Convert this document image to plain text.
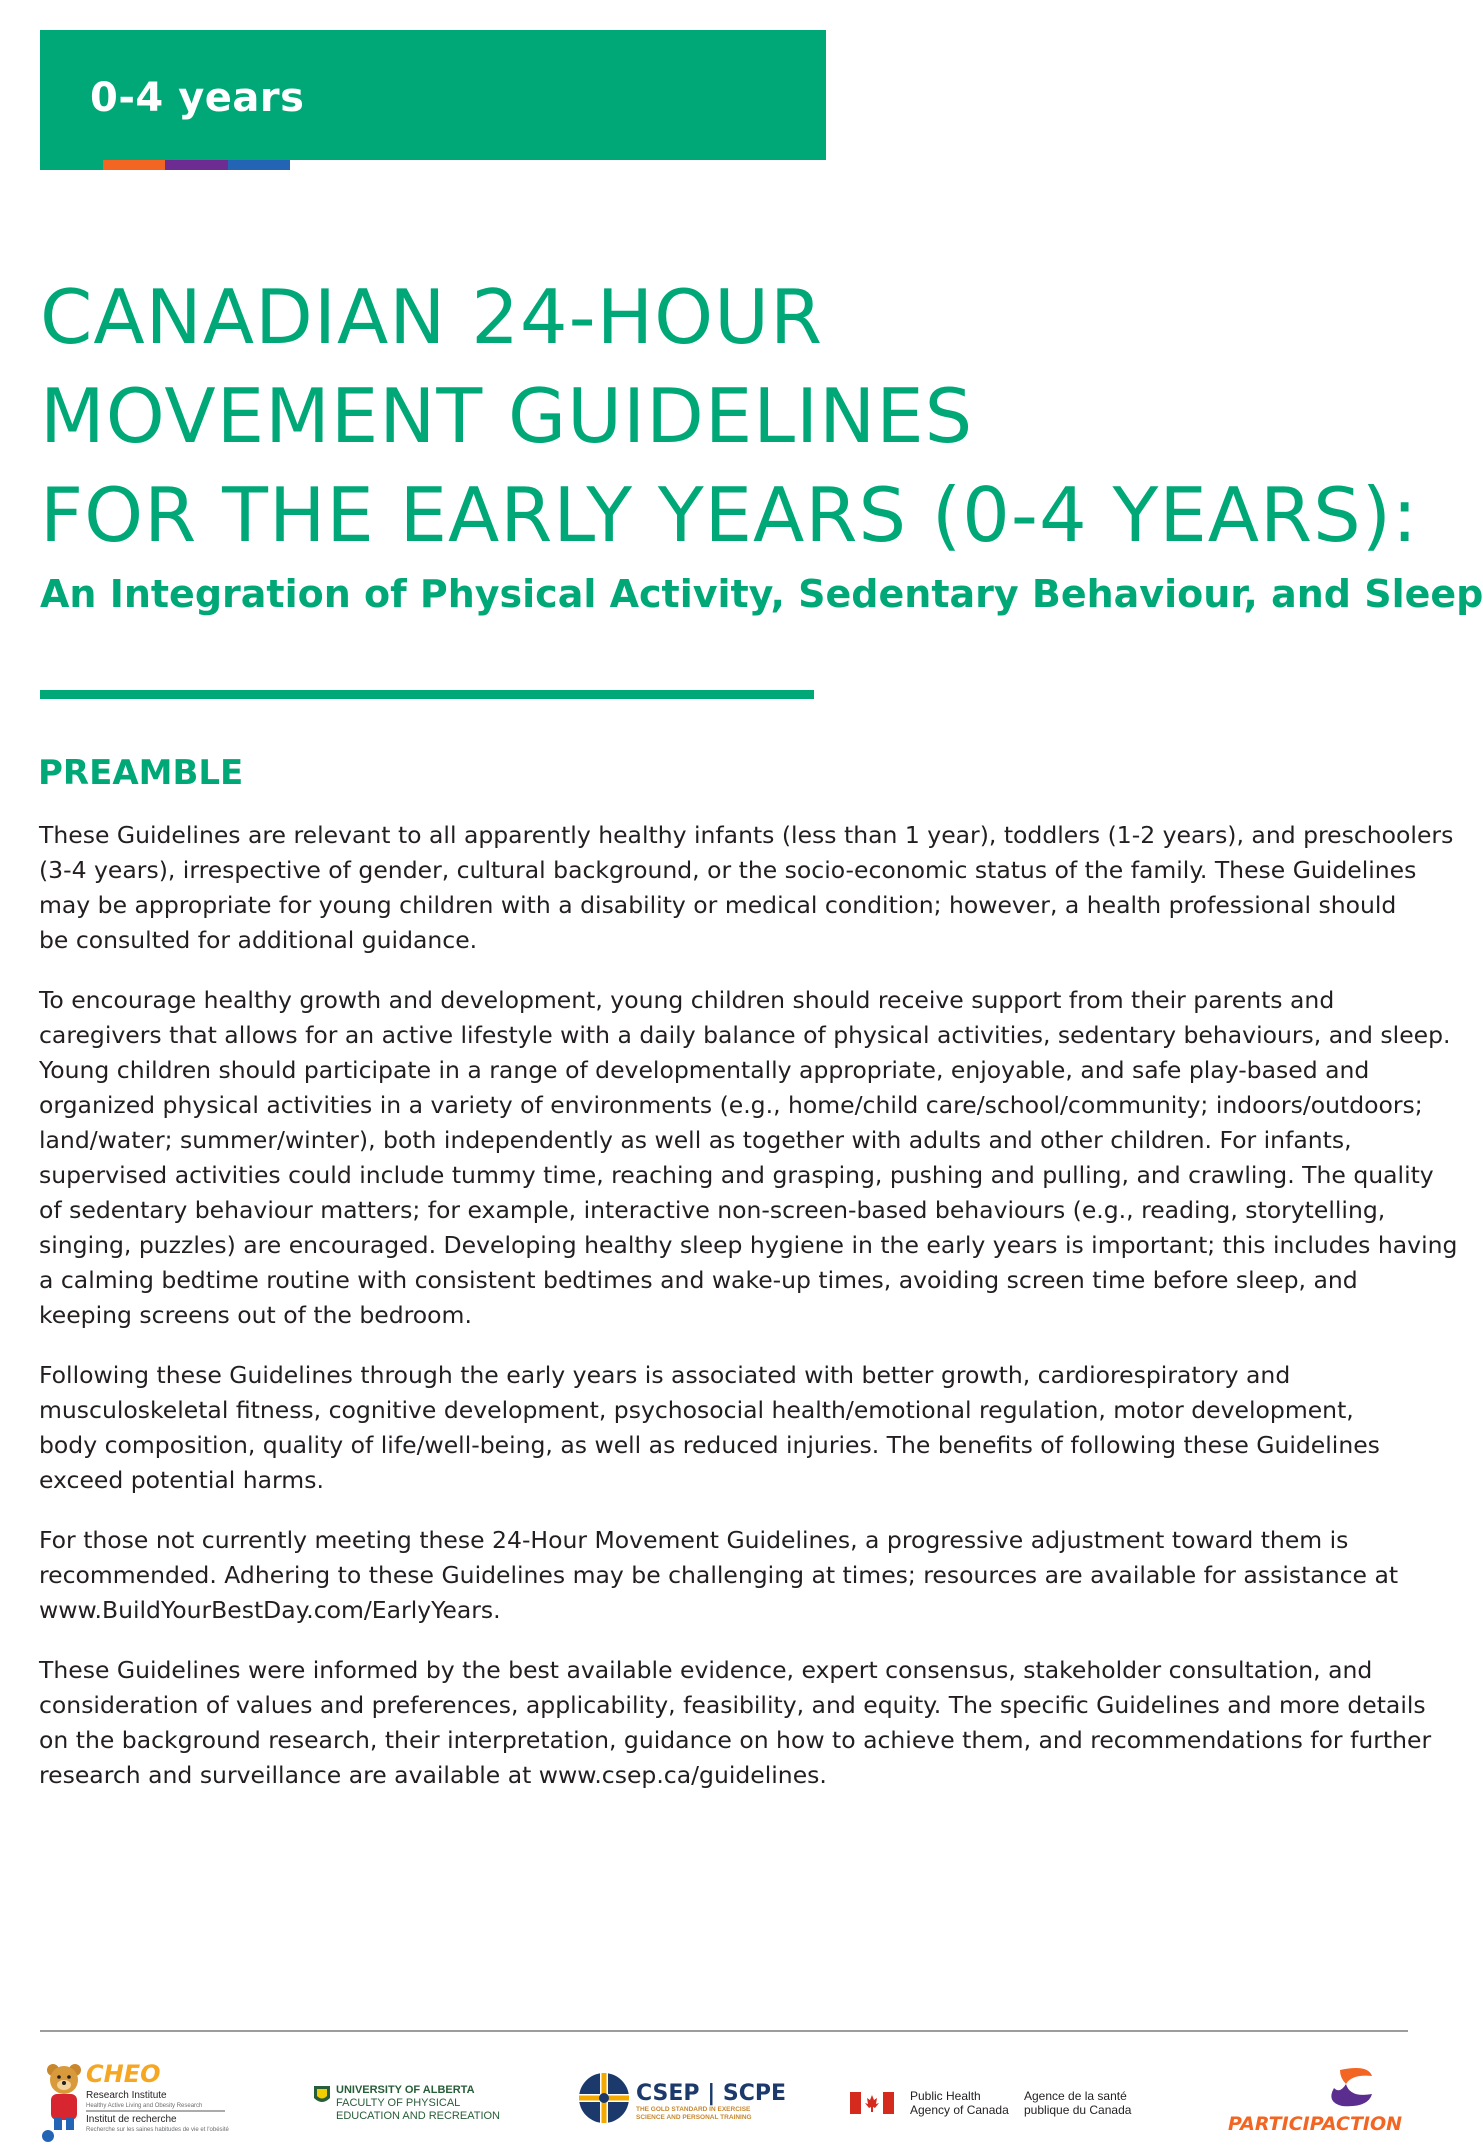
0-4 years
CANADIAN 24-HOUR
MOVEMENT GUIDELINES
FOR THE EARLY YEARS (0-4 YEARS):
An Integration of Physical Activity, Sedentary Behaviour, and Sleep
PREAMBLE

These Guidelines are relevant to all apparently healthy infants (less than 1 year), toddlers (1-2 years), and preschoolers
(3-4 years), irrespective of gender, cultural background, or the socio-economic status of the family. These Guidelines
may be appropriate for young children with a disability or medical condition; however, a health professional should
be consulted for additional guidance.

To encourage healthy growth and development, young children should receive support from their parents and
caregivers that allows for an active lifestyle with a daily balance of physical activities, sedentary behaviours, and sleep.
Young children should participate in a range of developmentally appropriate, enjoyable, and safe play-based and
organized physical activities in a variety of environments (e.g., home/child care/school/community; indoors/outdoors;
land/water; summer/winter), both independently as well as together with adults and other children. For infants,
supervised activities could include tummy time, reaching and grasping, pushing and pulling, and crawling. The quality
of sedentary behaviour matters; for example, interactive non-screen-based behaviours (e.g., reading, storytelling,
singing, puzzles) are encouraged. Developing healthy sleep hygiene in the early years is important; this includes having
a calming bedtime routine with consistent bedtimes and wake-up times, avoiding screen time before sleep, and
keeping screens out of the bedroom.

Following these Guidelines through the early years is associated with better growth, cardiorespiratory and
musculoskeletal fitness, cognitive development, psychosocial health/emotional regulation, motor development,
body composition, quality of life/well-being, as well as reduced injuries. The benefits of following these Guidelines
exceed potential harms.

For those not currently meeting these 24-Hour Movement Guidelines, a progressive adjustment toward them is
recommended. Adhering to these Guidelines may be challenging at times; resources are available for assistance at
www.BuildYourBestDay.com/EarlyYears.

These Guidelines were informed by the best available evidence, expert consensus, stakeholder consultation, and
consideration of values and preferences, applicability, feasibility, and equity. The specific Guidelines and more details
on the background research, their interpretation, guidance on how to achieve them, and recommendations for further
research and surveillance are available at www.csep.ca/guidelines.

CHEO
Research Institute
Healthy Active Living and Obesity Research
Institut de recherche
Recherche sur les saines habitudes de vie et l'obésité
UNIVERSITY OF ALBERTA
FACULTY OF PHYSICAL
EDUCATION AND RECREATION
CSEP | SCPE
THE GOLD STANDARD IN EXERCISE
SCIENCE AND PERSONAL TRAINING
Public Health
Agency of Canada
Agence de la santé
publique du Canada
PARTICIPACTION
